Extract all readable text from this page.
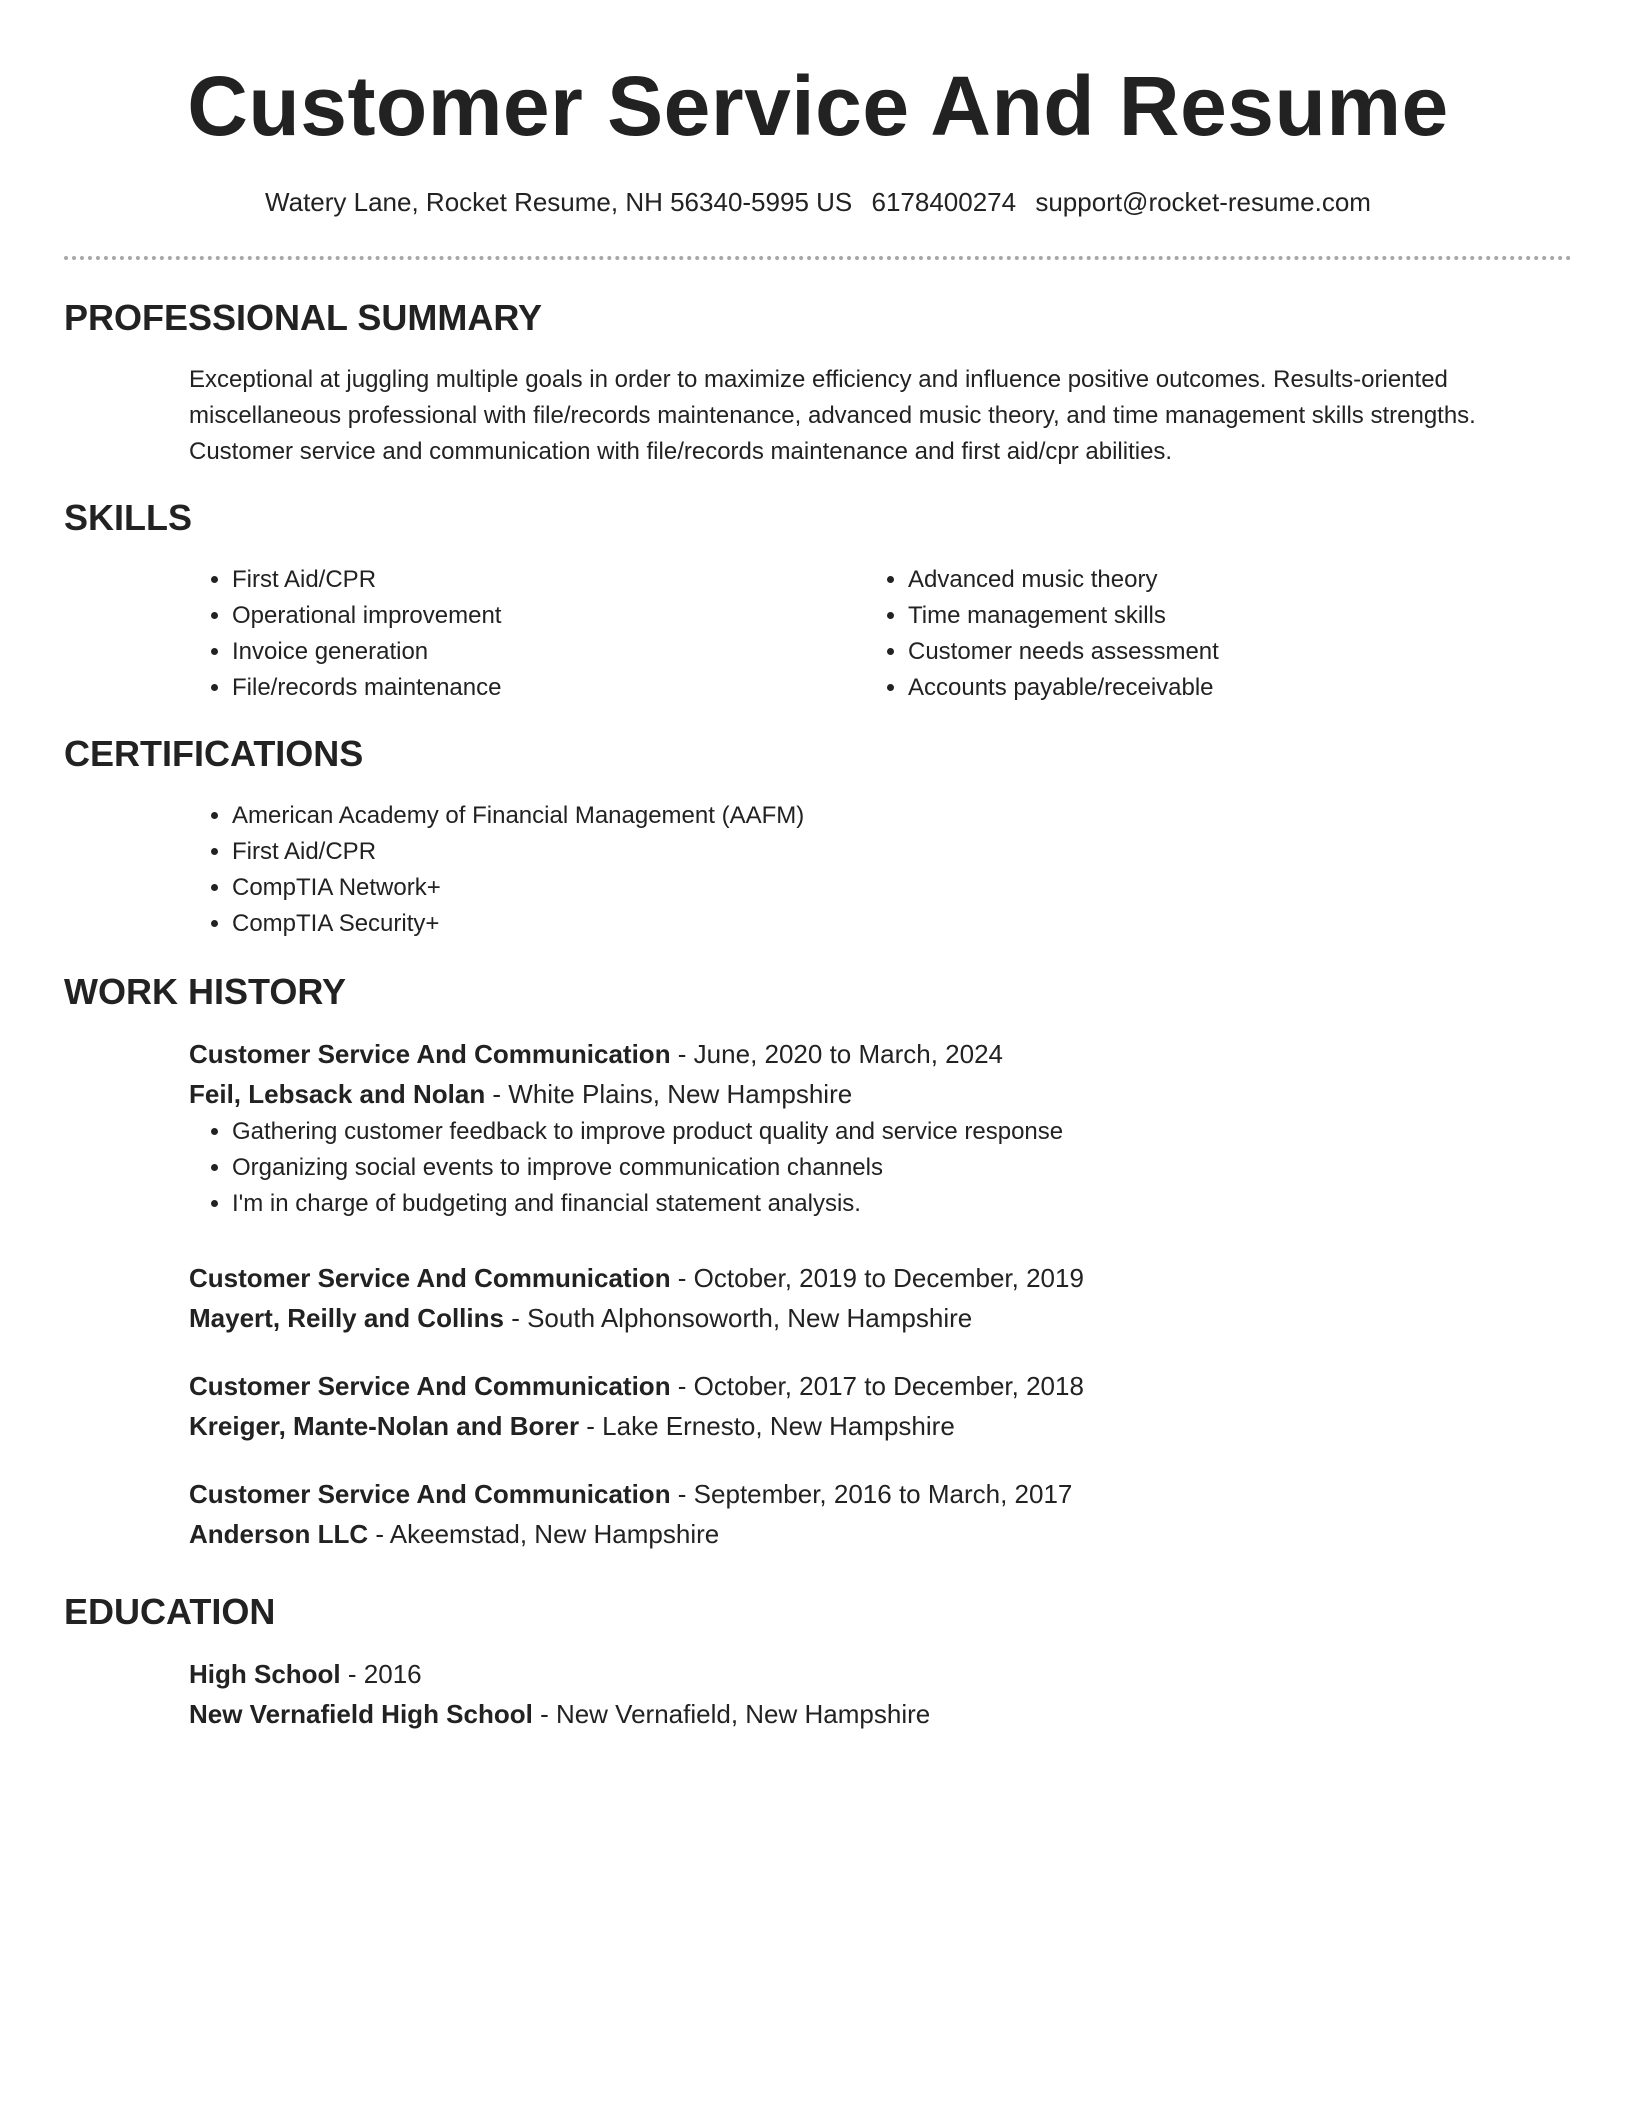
Customer Service And Resume
Watery Lane, Rocket Resume, NH 56340-5995 US 6178400274 support@rocket-resume.com
PROFESSIONAL SUMMARY
Exceptional at juggling multiple goals in order to maximize efficiency and influence positive outcomes. Results-oriented miscellaneous professional with file/records maintenance, advanced music theory, and time management skills strengths. Customer service and communication with file/records maintenance and first aid/cpr abilities.
SKILLS
• First Aid/CPR
• Operational improvement
• Invoice generation
• File/records maintenance
• Advanced music theory
• Time management skills
• Customer needs assessment
• Accounts payable/receivable
CERTIFICATIONS
• American Academy of Financial Management (AAFM)
• First Aid/CPR
• CompTIA Network+
• CompTIA Security+
WORK HISTORY
Customer Service And Communication - June, 2020 to March, 2024
Feil, Lebsack and Nolan - White Plains, New Hampshire
• Gathering customer feedback to improve product quality and service response
• Organizing social events to improve communication channels
• I'm in charge of budgeting and financial statement analysis.
Customer Service And Communication - October, 2019 to December, 2019
Mayert, Reilly and Collins - South Alphonsoworth, New Hampshire
Customer Service And Communication - October, 2017 to December, 2018
Kreiger, Mante-Nolan and Borer - Lake Ernesto, New Hampshire
Customer Service And Communication - September, 2016 to March, 2017
Anderson LLC - Akeemstad, New Hampshire
EDUCATION
High School - 2016
New Vernafield High School - New Vernafield, New Hampshire
